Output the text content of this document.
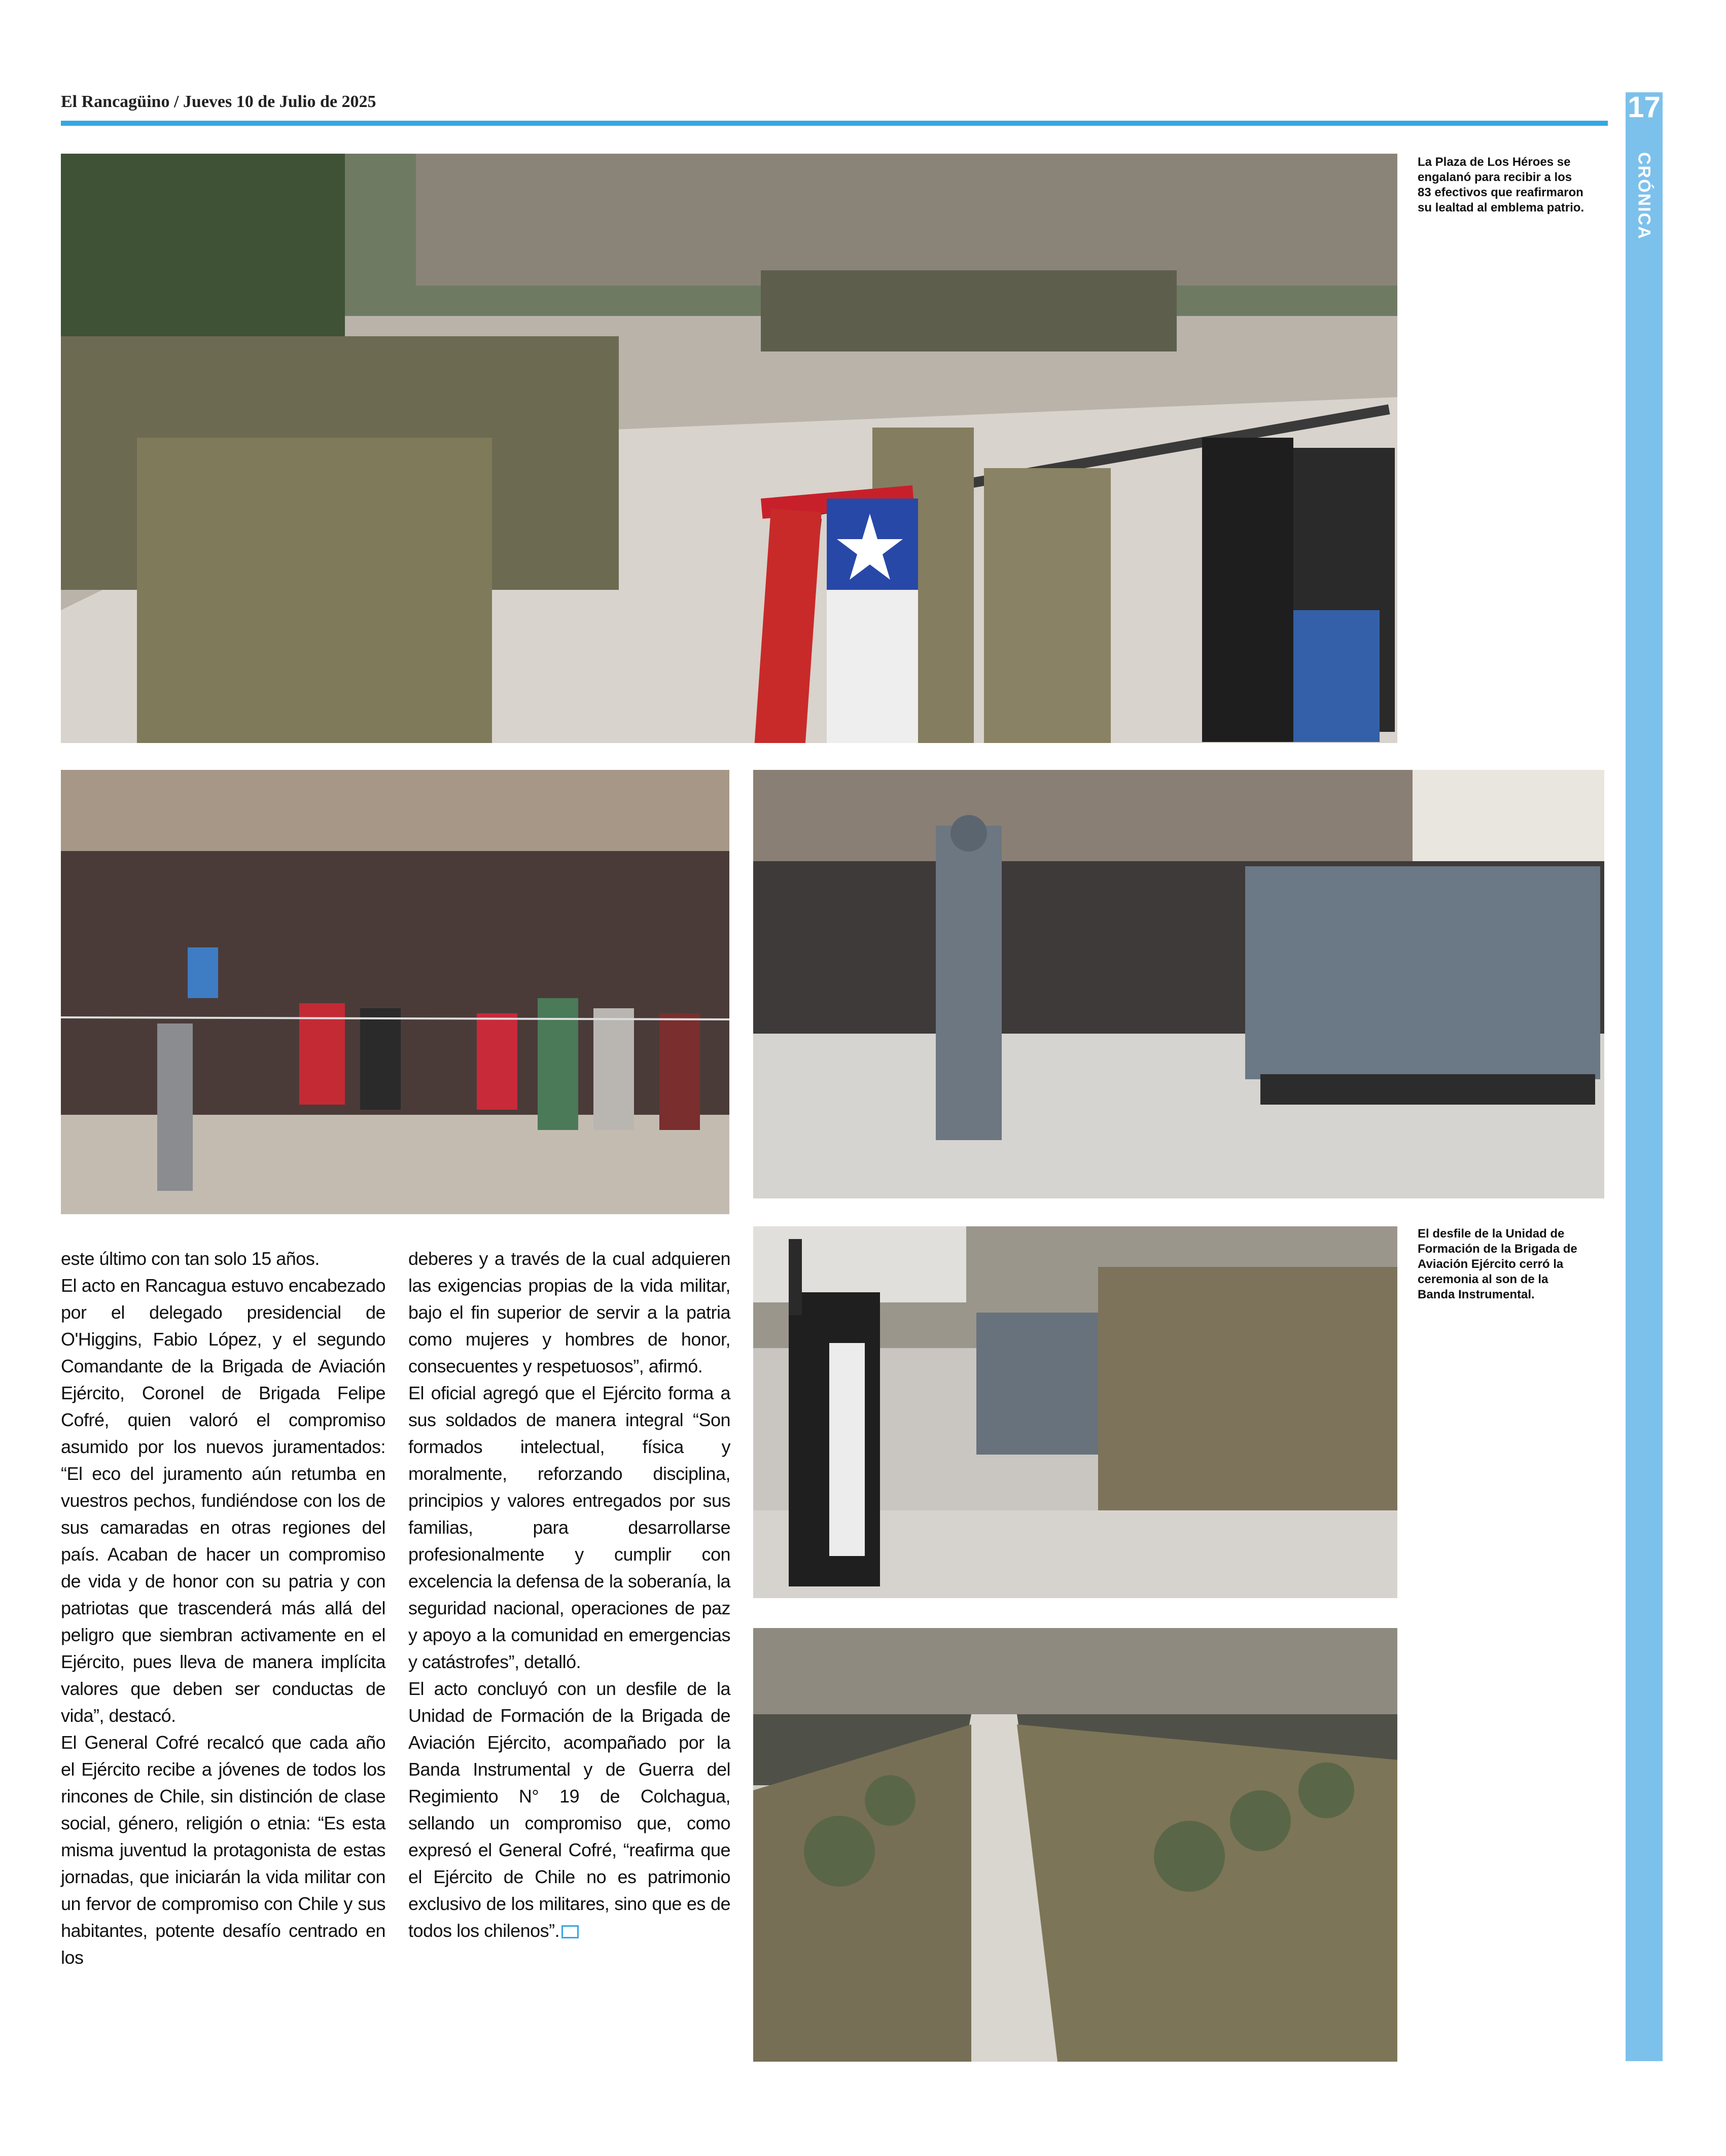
El Rancagüino / Jueves 10 de Julio de 2025	17
CRÓNICA
La Plaza de Los Héroes se engalanó para recibir a los 83 efectivos que reafirmaron su lealtad al emblema patrio.
El desfile de la Unidad de Formación de la Brigada de Aviación Ejército cerró la ceremonia al son de la Banda Instrumental.

este último con tan solo 15 años.

El acto en Rancagua estuvo encabezado por el delegado presidencial de O'Higgins, Fabio López, y el segundo Comandante de la Brigada de Aviación Ejército, Coronel de Brigada Felipe Cofré, quien valoró el compromiso asumido por los nuevos juramentados: “El eco del juramento aún retumba en vuestros pechos, fundiéndose con los de sus camaradas en otras regiones del país. Acaban de hacer un compromiso de vida y de honor con su patria y con patriotas que trascenderá más allá del peligro que siembran activamente en el Ejército, pues lleva de manera implícita valores que deben ser conductas de vida”, destacó.

El General Cofré recalcó que cada año el Ejército recibe a jóvenes de todos los rincones de Chile, sin distinción de clase social, género, religión o etnia: “Es esta misma juventud la protagonista de estas jornadas, que iniciarán la vida militar con un fervor de compromiso con Chile y sus habitantes, potente desafío centrado en los

deberes y a través de la cual adquieren las exigencias propias de la vida militar, bajo el fin superior de servir a la patria como mujeres y hombres de honor, consecuentes y respetuosos”, afirmó.

El oficial agregó que el Ejército forma a sus soldados de manera integral “Son formados intelectual, física y moralmente, reforzando disciplina, principios y valores entregados por sus familias, para desarrollarse profesionalmente y cumplir con excelencia la defensa de la soberanía, la seguridad nacional, operaciones de paz y apoyo a la comunidad en emergencias y catástrofes”, detalló.

El acto concluyó con un desfile de la Unidad de Formación de la Brigada de Aviación Ejército, acompañado por la Banda Instrumental y de Guerra del Regimiento N° 19 de Colchagua, sellando un compromiso que, como expresó el General Cofré, “reafirma que el Ejército de Chile no es patrimonio exclusivo de los militares, sino que es de todos los chilenos”.
